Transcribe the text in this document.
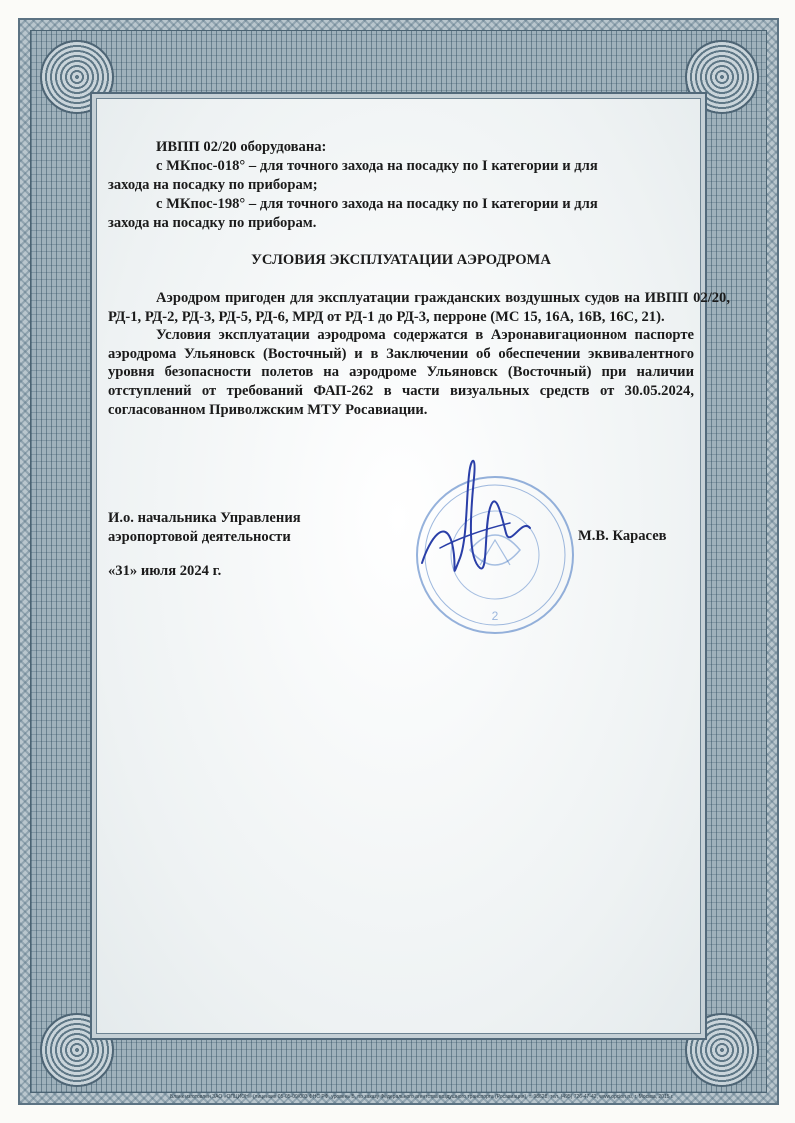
ИВПП 02/20 оборудована:

с МКпос-018° – для точного захода на посадку по I категории и для

захода на посадку по приборам;

с МКпос-198° – для точного захода на посадку по I категории и для

захода на посадку по приборам.

УСЛОВИЯ ЭКСПЛУАТАЦИИ АЭРОДРОМА

Аэродром пригоден для эксплуатации гражданских воздушных судов на ИВПП 02/20, РД-1, РД-2, РД-3, РД-5, РД-6, МРД от РД-1 до РД-3, перроне (МС 15, 16А, 16В, 16С, 21).

Условия эксплуатации аэродрома содержатся в Аэронавигационном паспорте аэродрома Ульяновск (Восточный) и в Заключении об обеспечении эквивалентного уровня безопасности полетов на аэродроме Ульяновск (Восточный) при наличии отступлений от требований ФАП-262 в части визуальных средств от 30.05.2024, согласованном Приволжским МТУ Росавиации.

И.о. начальника Управления
аэропортовой деятельности
2
М.В. Карасев
«31» июля 2024 г.
Бланк изготовлен ЗАО «ОПЦИОН» (лицензия 05-05-09/003 ФНС РФ, уровень Б, по заказу Федерального агентства воздушного транспорта (Росавиация), т. 98628, тел. (495) 726-47-42, www.opcion.ru, г. Москва, 2015 г.
